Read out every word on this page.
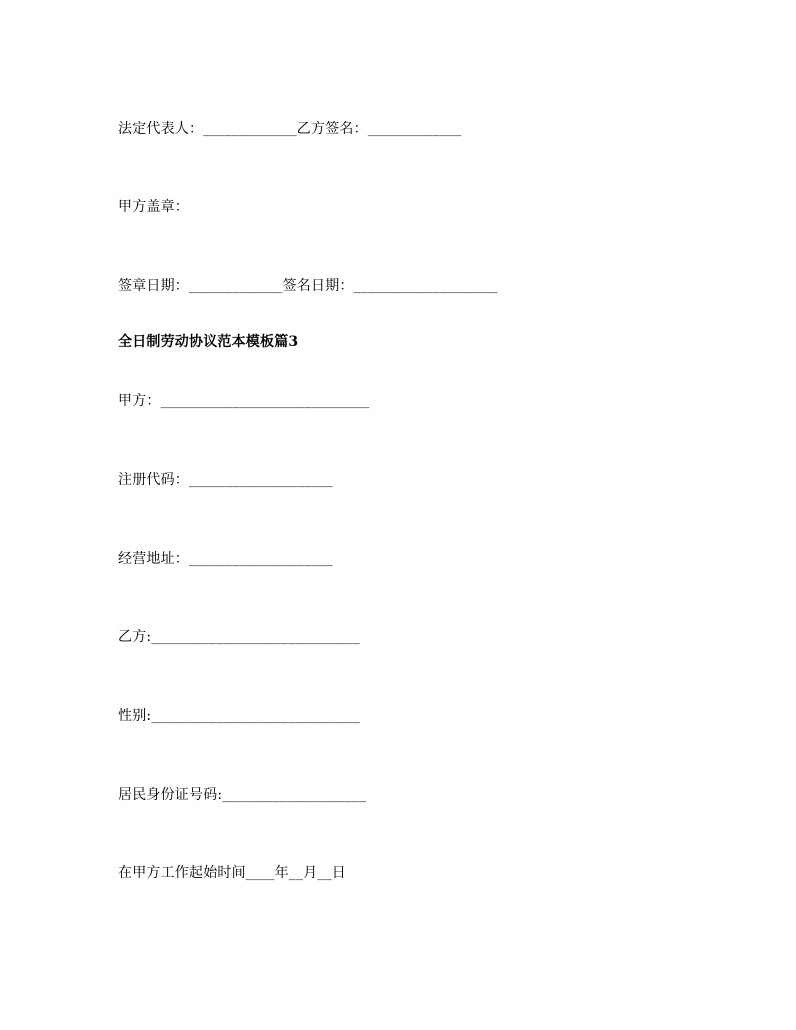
法定代表人：_____________乙方签名：_____________
甲方盖章：
签章日期：_____________签名日期：____________________
全日制劳动协议范本模板篇3
甲方：_____________________________
注册代码：____________________
经营地址：____________________
乙方:_____________________________
性别:_____________________________
居民身份证号码:____________________
在甲方工作起始时间____年__月__日
